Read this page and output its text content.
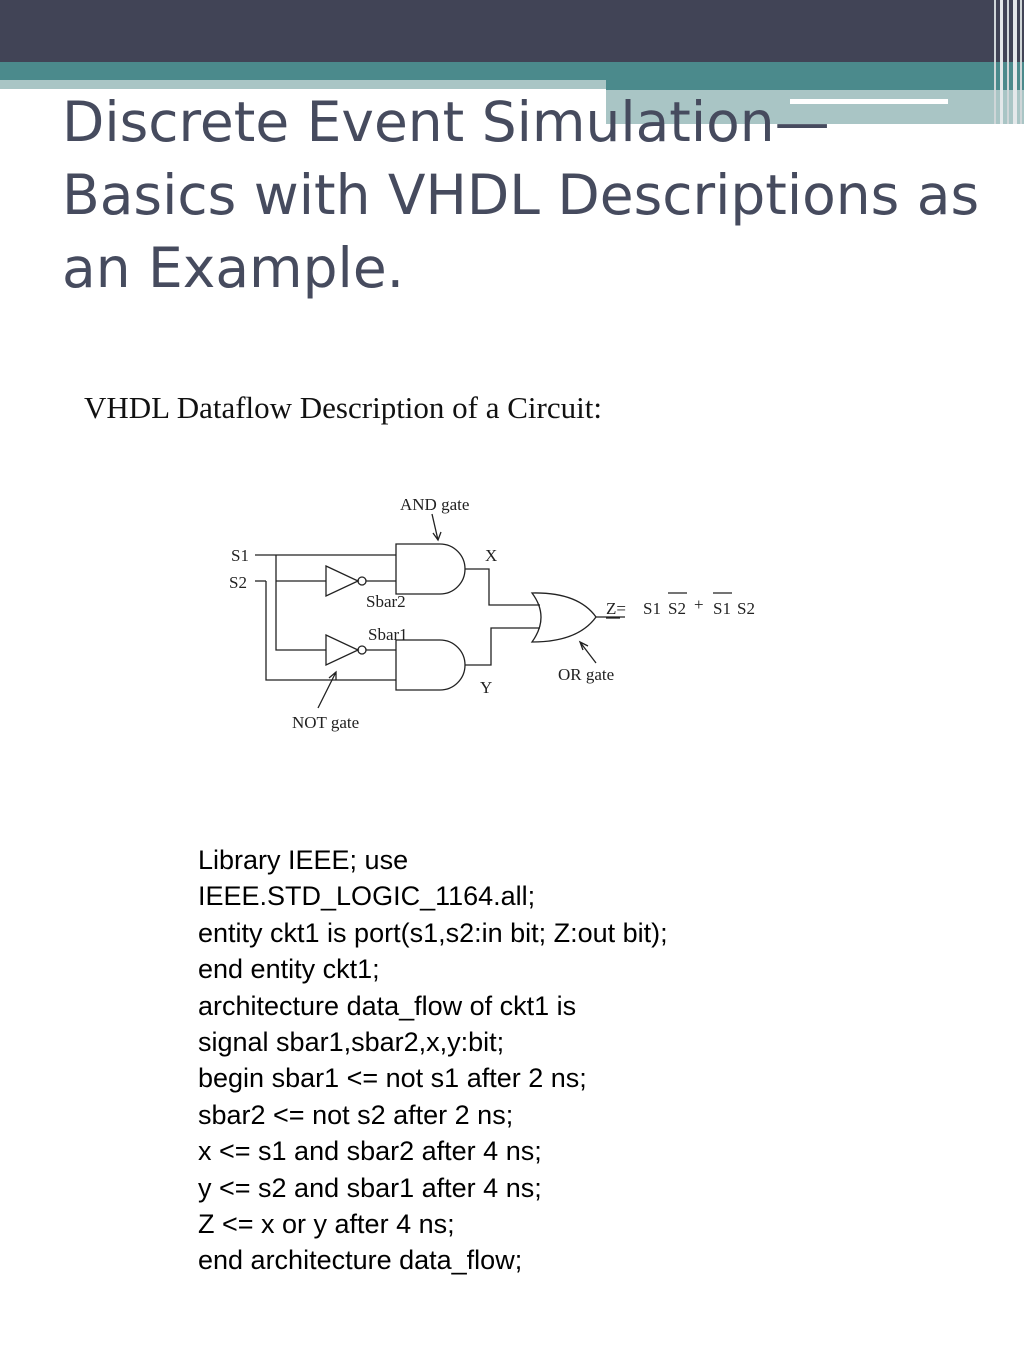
Discrete Event Simulation—
Basics with VHDL Descriptions as
an Example.
VHDL Dataflow Description of a Circuit:
AND gate
S1
S2
X
Sbar2
Sbar1
Y
Z= S1 S2 + S1 S2
OR gate
NOT gate
Library IEEE; use
IEEE.STD_LOGIC_1164.all;
entity ckt1 is port(s1,s2:in bit; Z:out bit);
end entity ckt1;
architecture data_flow of ckt1 is
signal sbar1,sbar2,x,y:bit;
begin sbar1 <= not s1 after 2 ns;
sbar2 <= not s2 after 2 ns;
x <= s1 and sbar2 after 4 ns;
y <= s2 and sbar1 after 4 ns;
Z <= x or y after 4 ns;
end architecture data_flow;
